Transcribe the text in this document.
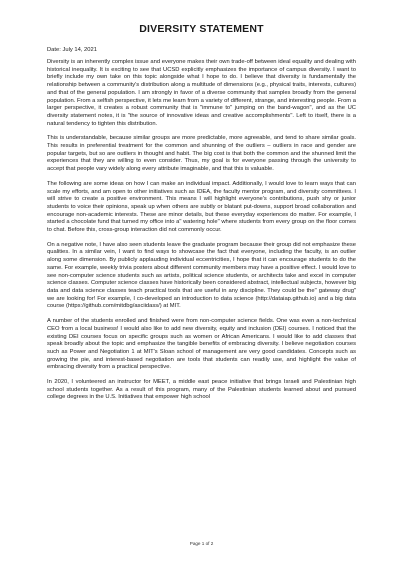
DIVERSITY STATEMENT

Date: July 14, 2021

Diversity is an inherently complex issue and everyone makes their own trade-off between ideal equality and dealing with historical inequality. It is exciting to see that UCSD explicitly emphasizes the importance of campus diversity. I want to briefly include my own take on this topic alongside what I hope to do. I believe that diversity is fundamentally the relationship between a community's distribution along a multitude of dimensions (e.g., physical traits, interests, cultures) and that of the general population. I am strongly in favor of a diverse community that samples broadly from the general population. From a selfish perspective, it lets me learn from a variety of different, strange, and interesting people. From a larger perspective, it creates a robust community that is "immune to" jumping on the band-wagon", and as the UC diversity statement notes, it is "the source of innovative ideas and creative accomplishments". Left to itself, there is a natural tendency to tighten this distribution.

This is understandable, because similar groups are more predictable, more agreeable, and tend to share similar goals. This results in preferential treatment for the common and shunning of the outliers – outliers in race and gender are popular targets, but so are outliers in thought and habit. The big cost is that both the common and the shunned limit the experiences that they are willing to even consider. Thus, my goal is for everyone passing through the university to accept that people vary widely along every attribute imaginable, and that this is valuable.

The following are some ideas on how I can make an individual impact. Additionally, I would love to learn ways that can scale my efforts, and am open to other initiatives such as IDEA, the faculty mentor program, and diversity committees. I will strive to create a positive environment. This means I will highlight everyone's contributions, push shy or junior students to voice their opinions, speak up when others are subtly or blatant put-downs, support broad collaboration and encourage non-academic interests. These are minor details, but these everyday experiences do matter. For example, I started a chocolate fund that turned my office into a" watering hole" where students from every group on the floor comes to chat. Before this, cross-group interaction did not commonly occur.

On a negative note, I have also seen students leave the graduate program because their group did not emphasize these qualities. In a similar vein, I want to find ways to showcase the fact that everyone, including the faculty, is an outlier along some dimension. By publicly applauding individual eccentricities, I hope that it can encourage students to do the same. For example, weekly trivia posters about different community members may have a positive effect. I would love to see non-computer science students such as artists, political science students, or architects take and excel in computer science classes. Computer science classes have historically been considered abstract, intellectual subjects, however big data and data science classes teach practical tools that are useful in any discipline. They could be the" gateway drug" we are looking for! For example, I co-developed an introduction to data science (http://dataiap.github.io) and a big data course (https://github.com/mitdbg/asciidass/) at MIT.

A number of the students enrolled and finished were from non-computer science fields. One was even a non-technical CEO from a local business! I would also like to add new diversity, equity and inclusion (DEI) courses. I noticed that the existing DEI courses focus on specific groups such as women or African Americans. I would like to add classes that speak broadly about the topic and emphasize the tangible benefits of embracing diversity. I believe negotiation courses such as Power and Negotiation 1 at MIT's Sloan school of management are very good candidates. Concepts such as growing the pie, and interest-based negotiation are tools that students can readily use, and highlight the value of embracing diversity from a practical perspective.

In 2020, I volunteered an instructor for MEET, a middle east peace initiative that brings Israeli and Palestinian high school students together. As a result of this program, many of the Palestinian students learned about and pursued college degrees in the U.S. Initiatives that empower high school

Page 1 of 2
